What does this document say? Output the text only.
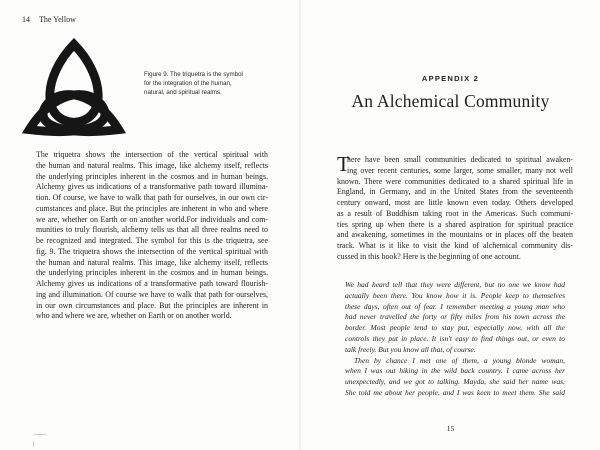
14 The Yellow
Figure 9. The triquetra is the symbol
for the integration of the human,
natural, and spiritual realms.
The triquetra shows the intersection of the vertical spiritual with
the human and natural realms. This image, like alchemy itself, reflects
the underlying principles inherent in the cosmos and in human beings.
Alchemy gives us indications of a transformative path toward illumina-
tion. Of course, we have to walk that path for ourselves, in our own cir-
cumstances and place. But the principles are inherent in who and where
we are, whether on Earth or on another world.For individuals and com-
munities to truly flourish, alchemy tells us that all three realms need to
be recognized and integrated. The symbol for this is the triquetra, see
fig. 9. The triquetra shows the intersection of the vertical spiritual with
the human and natural realms. This image, like alchemy itself, reflects
the underlying principles inherent in the cosmos and in human beings.
Alchemy gives us indications of a transformative path toward flourish-
ing and illumination. Of course we have to walk that path for ourselves,
in our own circumstances and place. But the principles are inherent in
who and where we are, whether on Earth or on another world.
APPENDIX 2
An Alchemical Community
T
here have been small communities dedicated to spiritual awaken-
ing over recent centuries, some larger, some smaller, many not well
known. There were communities dedicated to a shared spiritual life in
England, in Germany, and in the United States from the seventeenth
century onward, most are little known even today. Others developed
as a result of Buddhism taking root in the Americas. Such communi-
ties spring up when there is a shared aspiration for spiritual practice
and awakening, sometimes in the mountains or in places off the beaten
track. What is it like to visit the kind of alchemical community dis-
cussed in this book? Here is the beginning of one account.
We had heard tell that they were different, but no one we know had
actually been there. You know how it is. People keep to themselves
these days, often out of fear. I remember meeting a young man who
had never travelled the forty or fifty miles from his town across the
border. Most people tend to stay put, especially now, with all the
controls they put in place. It isn't easy to find things out, or even to
talk freely. But you know all that, of course.
Then by chance I met one of them, a young blonde woman,
when I was out hiking in the wild back country. I came across her
unexpectedly, and we got to talking. Mayda, she said her name was.
She told me about her people, and I was keen to meet them. She said
15
